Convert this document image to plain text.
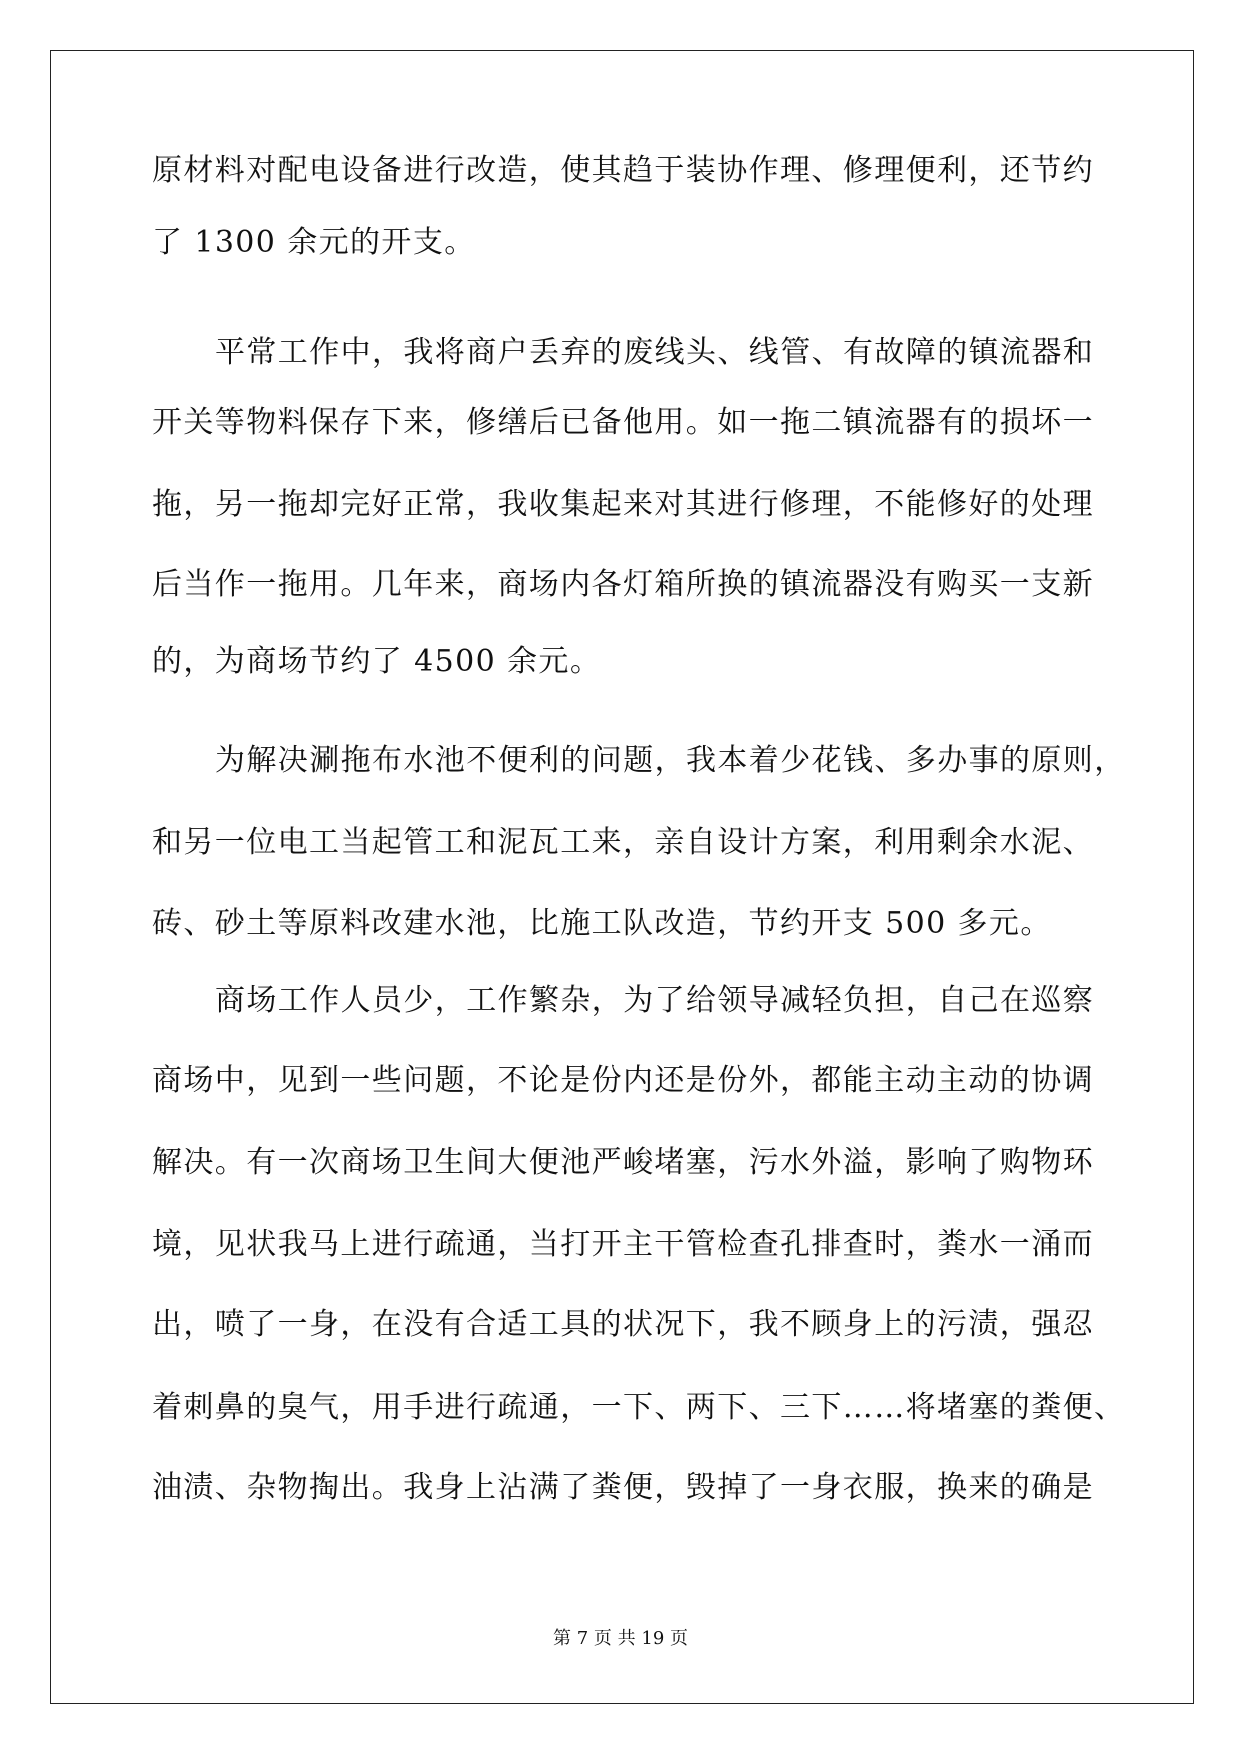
原材料对配电设备进行改造，使其趋于装协作理、修理便利，还节约
了 1300 余元的开支。
平常工作中，我将商户丢弃的废线头、线管、有故障的镇流器和
开关等物料保存下来，修缮后已备他用。如一拖二镇流器有的损坏一
拖，另一拖却完好正常，我收集起来对其进行修理，不能修好的处理
后当作一拖用。几年来，商场内各灯箱所换的镇流器没有购买一支新
的，为商场节约了 4500 余元。
为解决涮拖布水池不便利的问题，我本着少花钱、多办事的原则，
和另一位电工当起管工和泥瓦工来，亲自设计方案，利用剩余水泥、
砖、砂土等原料改建水池，比施工队改造，节约开支 500 多元。
商场工作人员少，工作繁杂，为了给领导减轻负担，自己在巡察
商场中，见到一些问题，不论是份内还是份外，都能主动主动的协调
解决。有一次商场卫生间大便池严峻堵塞，污水外溢，影响了购物环
境，见状我马上进行疏通，当打开主干管检查孔排查时，粪水一涌而
出，喷了一身，在没有合适工具的状况下，我不顾身上的污渍，强忍
着刺鼻的臭气，用手进行疏通，一下、两下、三下……将堵塞的粪便、
油渍、杂物掏出。我身上沾满了粪便，毁掉了一身衣服，换来的确是
第 7 页 共 19 页
